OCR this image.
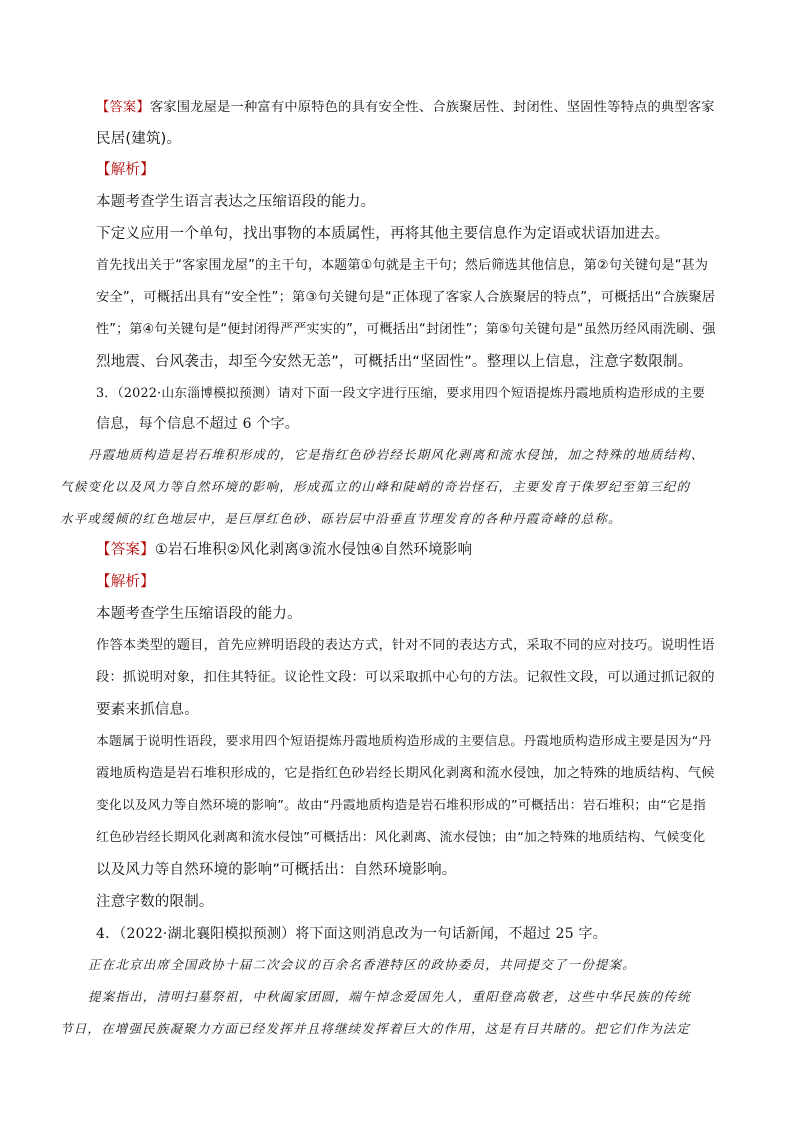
【答案】客家围龙屋是一种富有中原特色的具有安全性、合族聚居性、封闭性、坚固性等特点的典型客家
民居(建筑)。
【解析】
本题考查学生语言表达之压缩语段的能力。
下定义应用一个单句，找出事物的本质属性，再将其他主要信息作为定语或状语加进去。
首先找出关于“客家围龙屋”的主干句，本题第①句就是主干句；然后筛选其他信息，第②句关键句是“甚为
安全”，可概括出具有“安全性”；第③句关键句是“正体现了客家人合族聚居的特点”，可概括出“合族聚居
性”；第④句关键句是“便封闭得严严实实的”，可概括出“封闭性”；第⑤句关键句是“虽然历经风雨洗刷、强
烈地震、台风袭击，却至今安然无恙”，可概括出“坚固性”。整理以上信息，注意字数限制。
3．（2022·山东淄博模拟预测）请对下面一段文字进行压缩，要求用四个短语提炼丹霞地质构造形成的主要
信息，每个信息不超过 6 个字。
丹霞地质构造是岩石堆积形成的，它是指红色砂岩经长期风化剥离和流水侵蚀，加之特殊的地质结构、
气候变化以及风力等自然环境的影响，形成孤立的山峰和陡峭的奇岩怪石，主要发育于侏罗纪至第三纪的
水平或缓倾的红色地层中，是巨厚红色砂、砾岩层中沿垂直节理发育的各种丹霞奇峰的总称。
【答案】①岩石堆积②风化剥离③流水侵蚀④自然环境影响
【解析】
本题考查学生压缩语段的能力。
作答本类型的题目，首先应辨明语段的表达方式，针对不同的表达方式，采取不同的应对技巧。说明性语
段：抓说明对象，扣住其特征。议论性文段：可以采取抓中心句的方法。记叙性文段，可以通过抓记叙的
要素来抓信息。
本题属于说明性语段，要求用四个短语提炼丹霞地质构造形成的主要信息。丹霞地质构造形成主要是因为“丹
霞地质构造是岩石堆积形成的，它是指红色砂岩经长期风化剥离和流水侵蚀，加之特殊的地质结构、气候
变化以及风力等自然环境的影响”。故由“丹霞地质构造是岩石堆积形成的”可概括出：岩石堆积；由“它是指
红色砂岩经长期风化剥离和流水侵蚀”可概括出：风化剥离、流水侵蚀；由“加之特殊的地质结构、气候变化
以及风力等自然环境的影响”可概括出：自然环境影响。
注意字数的限制。
4．（2022·湖北襄阳模拟预测）将下面这则消息改为一句话新闻，不超过 25 字。
正在北京出席全国政协十届二次会议的百余名香港特区的政协委员，共同提交了一份提案。
提案指出，清明扫墓祭祖，中秋阖家团圆，端午悼念爱国先人，重阳登高敬老，这些中华民族的传统
节日，在增强民族凝聚力方面已经发挥并且将继续发挥着巨大的作用，这是有目共睹的。把它们作为法定
